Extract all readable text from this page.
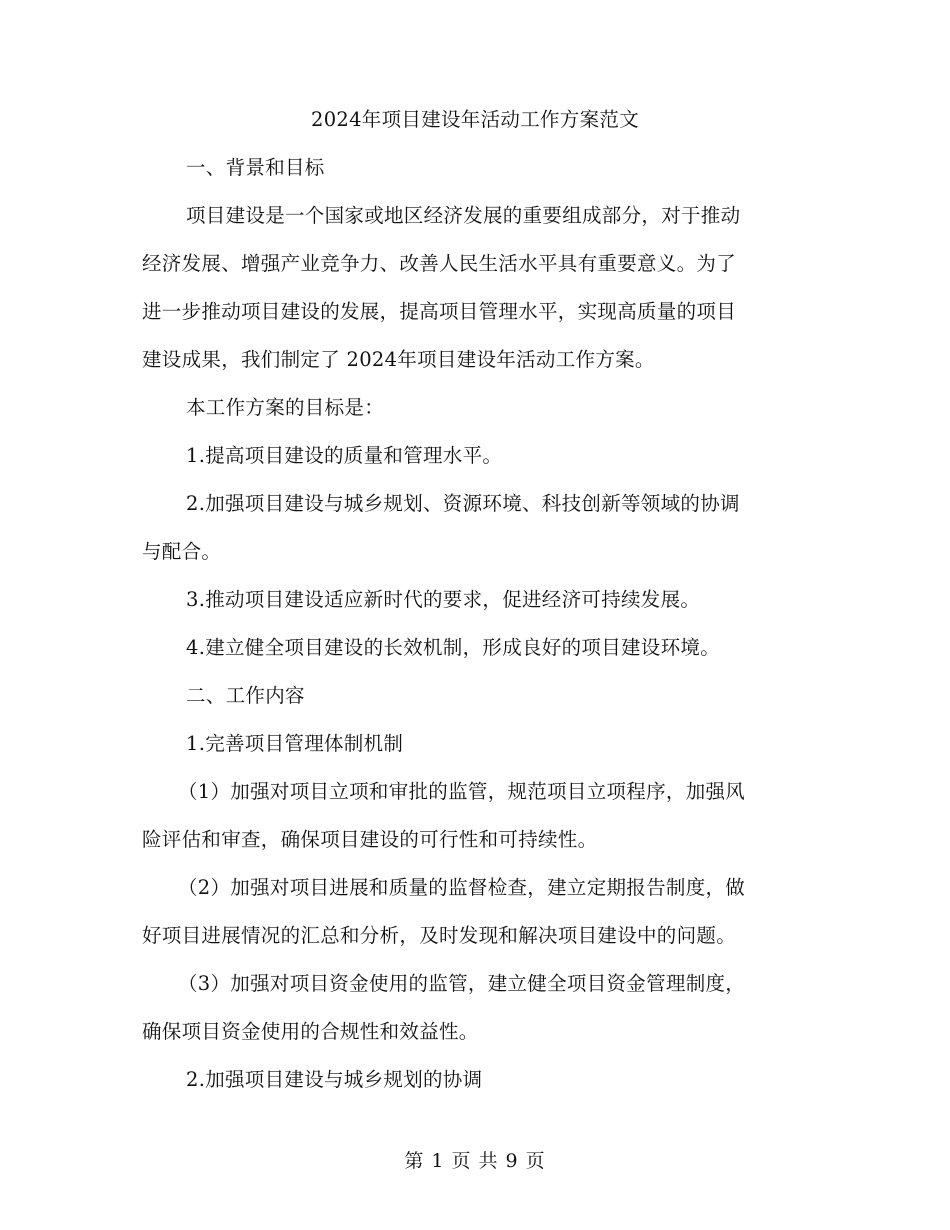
2024年项目建设年活动工作方案范文
一、背景和目标
项目建设是一个国家或地区经济发展的重要组成部分，对于推动
经济发展、增强产业竞争力、改善人民生活水平具有重要意义。为了
进一步推动项目建设的发展，提高项目管理水平，实现高质量的项目
建设成果，我们制定了 2024年项目建设年活动工作方案。
本工作方案的目标是：
1.提高项目建设的质量和管理水平。
2.加强项目建设与城乡规划、资源环境、科技创新等领域的协调
与配合。
3.推动项目建设适应新时代的要求，促进经济可持续发展。
4.建立健全项目建设的长效机制，形成良好的项目建设环境。
二、工作内容
1.完善项目管理体制机制
（1）加强对项目立项和审批的监管，规范项目立项程序，加强风
险评估和审查，确保项目建设的可行性和可持续性。
（2）加强对项目进展和质量的监督检查，建立定期报告制度，做
好项目进展情况的汇总和分析，及时发现和解决项目建设中的问题。
（3）加强对项目资金使用的监管，建立健全项目资金管理制度，
确保项目资金使用的合规性和效益性。
2.加强项目建设与城乡规划的协调
第 1 页 共 9 页
